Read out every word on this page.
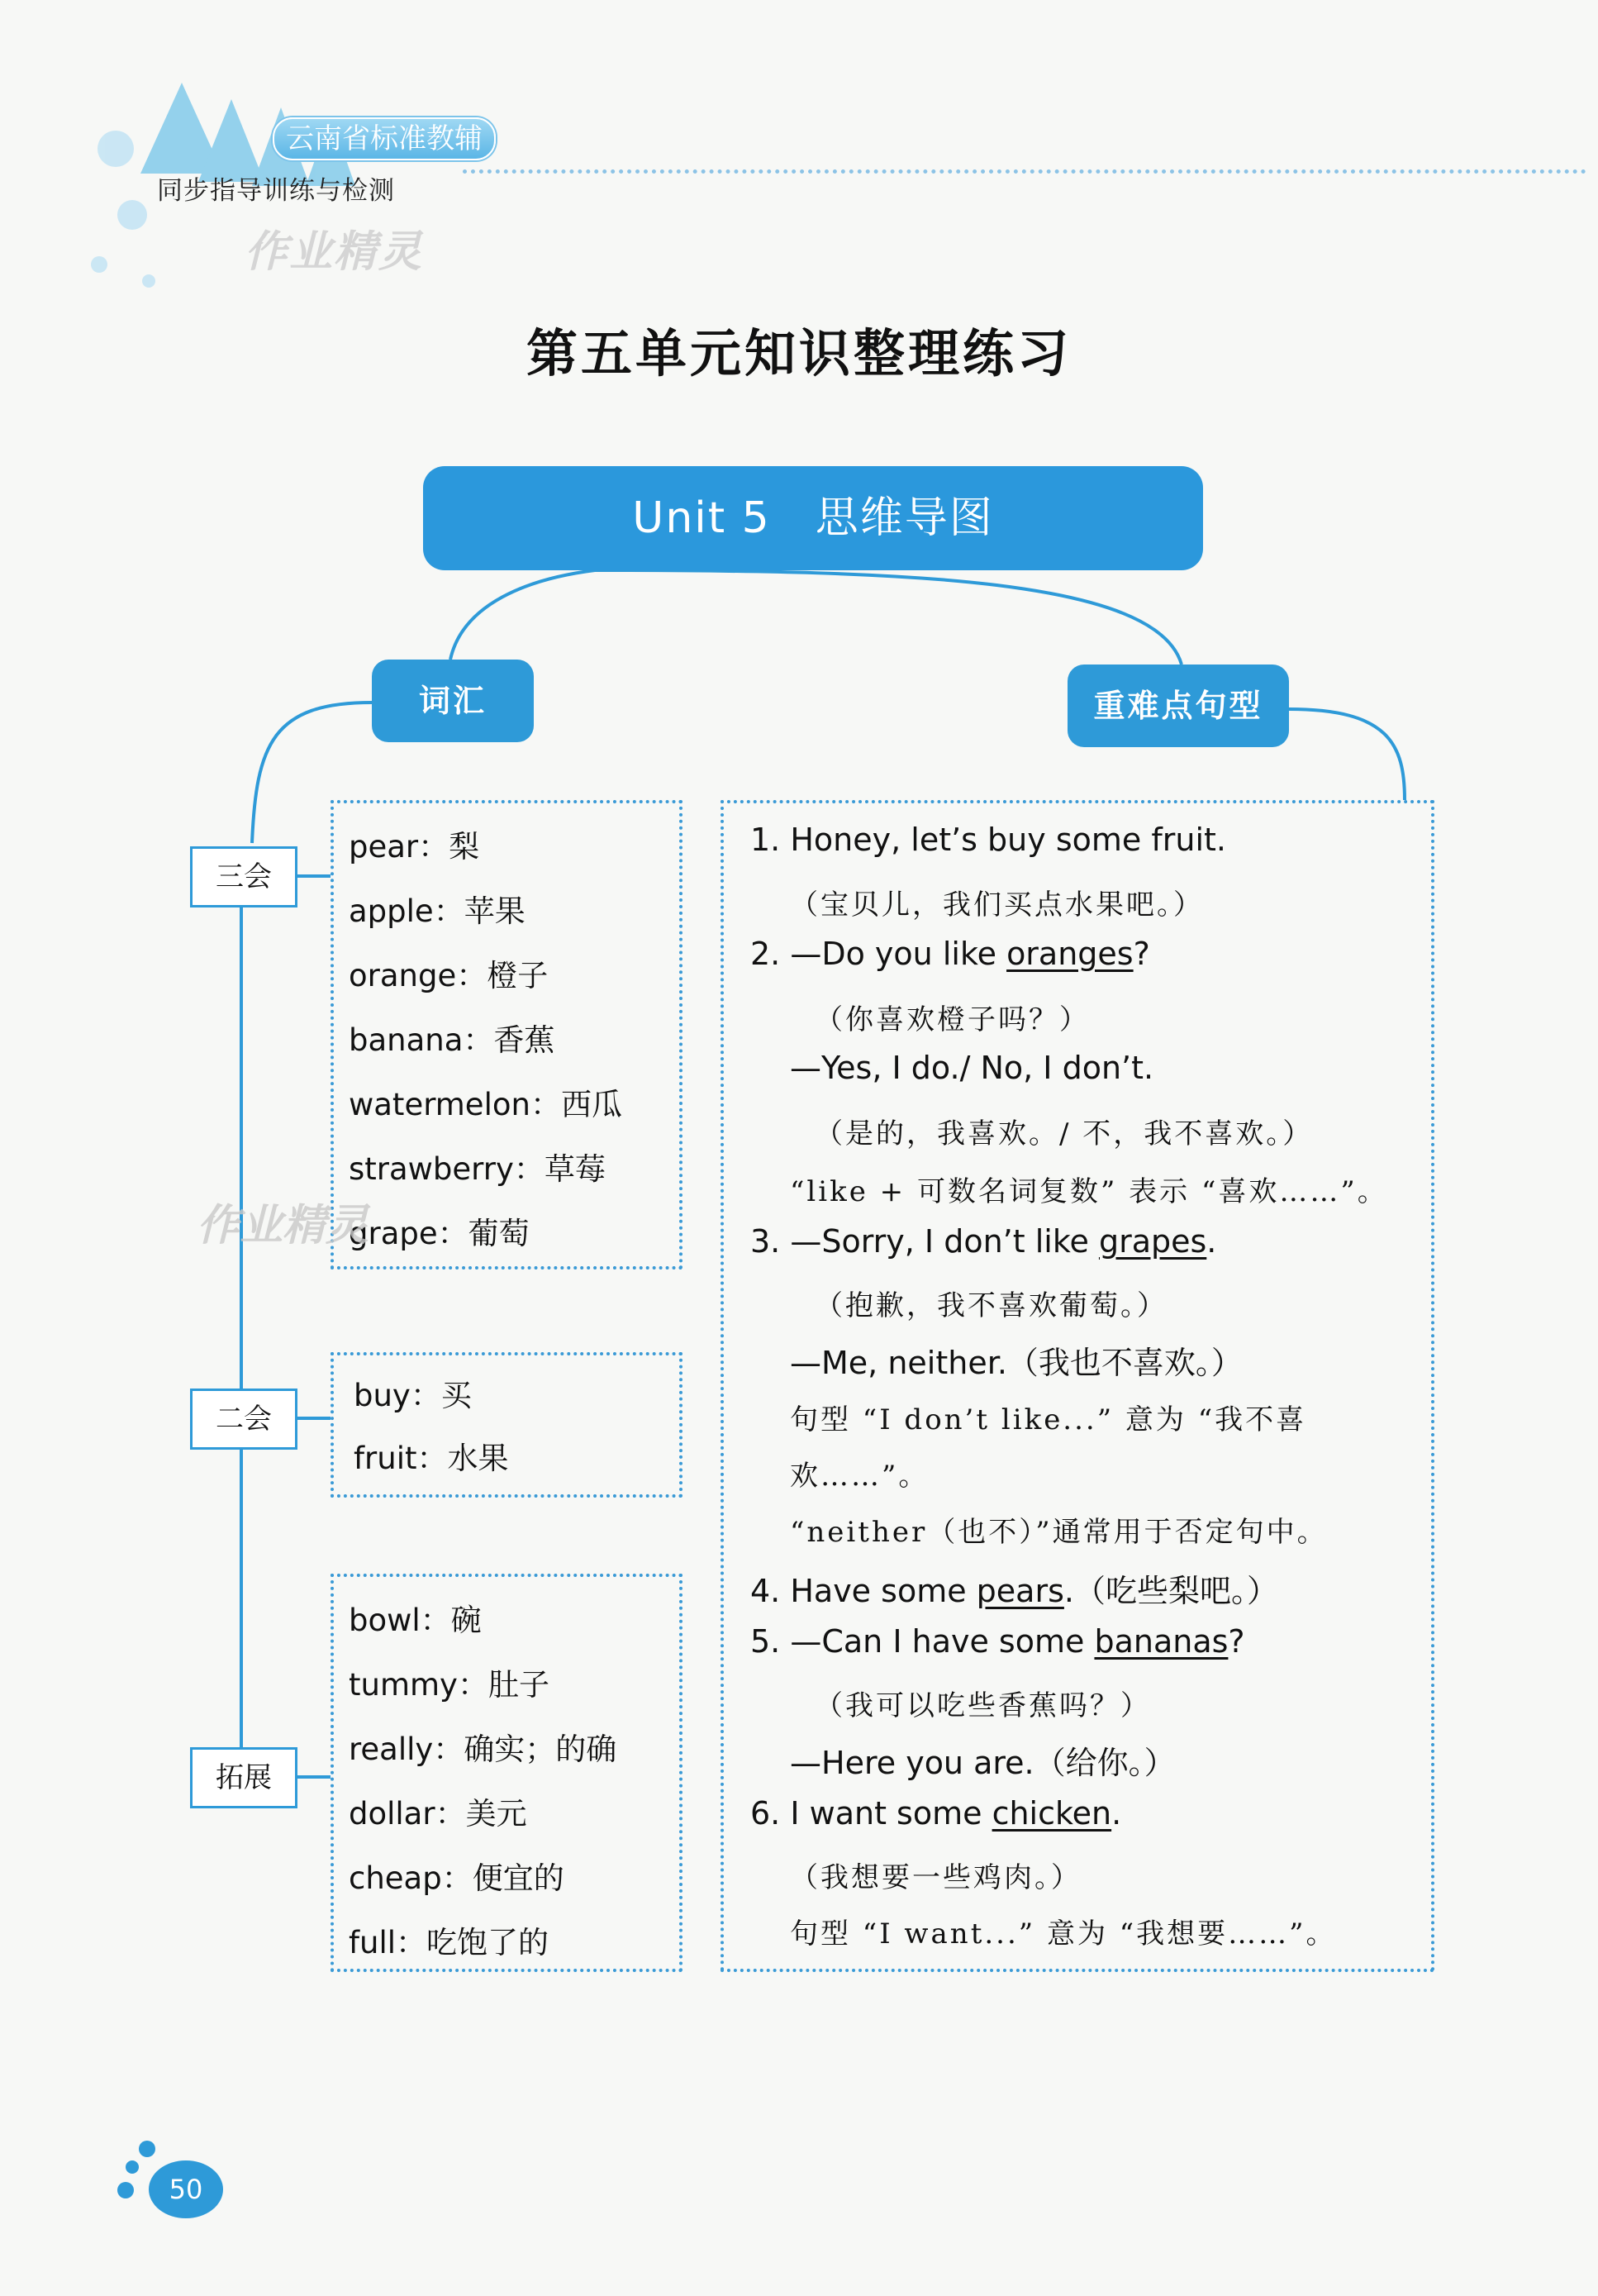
云南省标准教辅
同步指导训练与检测
作业精灵
第五单元知识整理练习
Unit 5　思维导图
词汇	重难点句型
三会
二会
拓展
pear：梨
apple：苹果
orange：橙子
banana：香蕉
watermelon：西瓜
strawberry：草莓
grape：葡萄
作业精灵
buy：买
fruit：水果
bowl：碗
tummy：肚子
really：确实；的确
dollar：美元
cheap：便宜的
full：吃饱了的
1. Honey, let’s buy some fruit.
（宝贝儿，我们买点水果吧。）
2. —Do you like oranges?
（你喜欢橙子吗？）
—Yes, I do./ No, I don’t.
（是的，我喜欢。/ 不，我不喜欢。）
“like + 可数名词复数” 表示 “喜欢……”。
3. —Sorry, I don’t like grapes.
（抱歉，我不喜欢葡萄。）
—Me, neither.（我也不喜欢。）
句型 “I don’t like...” 意为 “我不喜
欢……”。
“neither（也不）”通常用于否定句中。
4. Have some pears.（吃些梨吧。）
5. —Can I have some bananas?
（我可以吃些香蕉吗？）
—Here you are.（给你。）
6. I want some chicken.
（我想要一些鸡肉。）
句型 “I want...” 意为 “我想要……”。
50
